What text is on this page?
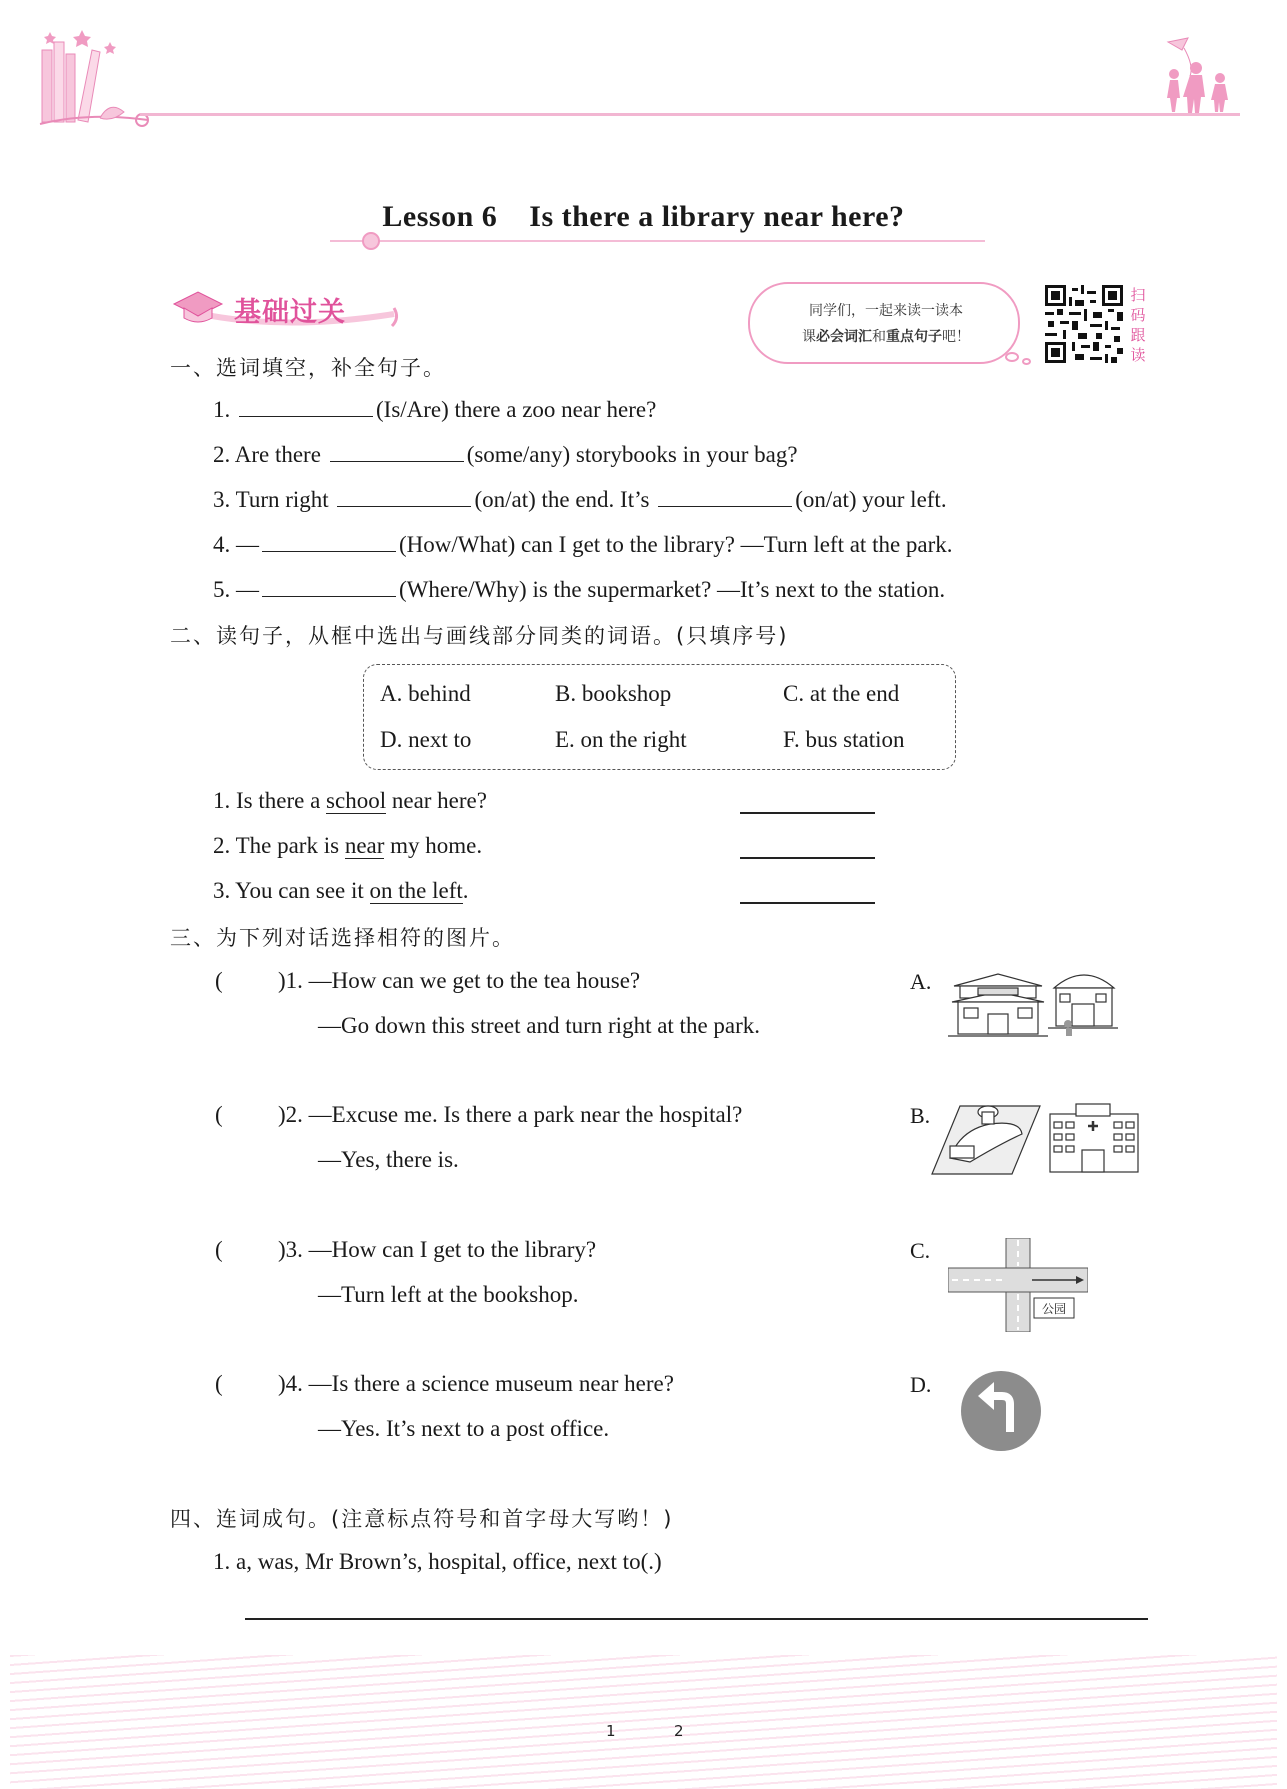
Lesson 6    Is there a library near here?
基础过关	同学们，一起来读一读本
课必会词汇和重点句子吧！
扫
码
跟
读
一、选词填空，补全句子。
1.	(Is/Are) there a zoo near here?
2. Are there	(some/any) storybooks in your bag?
3. Turn right	(on/at) the end. It’s	(on/at) your left.
4. —	(How/What) can I get to the library? —Turn left at the park.
5. —	(Where/Why) is the supermarket? —It’s next to the station.
二、读句子，从框中选出与画线部分同类的词语。(只填序号)
A. behind	B. bookshop	C. at the end
D. next to	E. on the right	F. bus station
1. Is there a school near here?
2. The park is near my home.
3. You can see it on the left.
三、为下列对话选择相符的图片。
( )1. —How can we get to the tea house?
—Go down this street and turn right at the park.
( )2. —Excuse me. Is there a park near the hospital?
—Yes, there is.
( )3. —How can I get to the library?
—Turn left at the bookshop.
( )4. —Is there a science museum near here?
—Yes. It’s next to a post office.
A.
B.
C.
D.
公园
四、连词成句。(注意标点符号和首字母大写哟！)
1. a, was, Mr Brown’s, hospital, office, next to(.)
1	2
